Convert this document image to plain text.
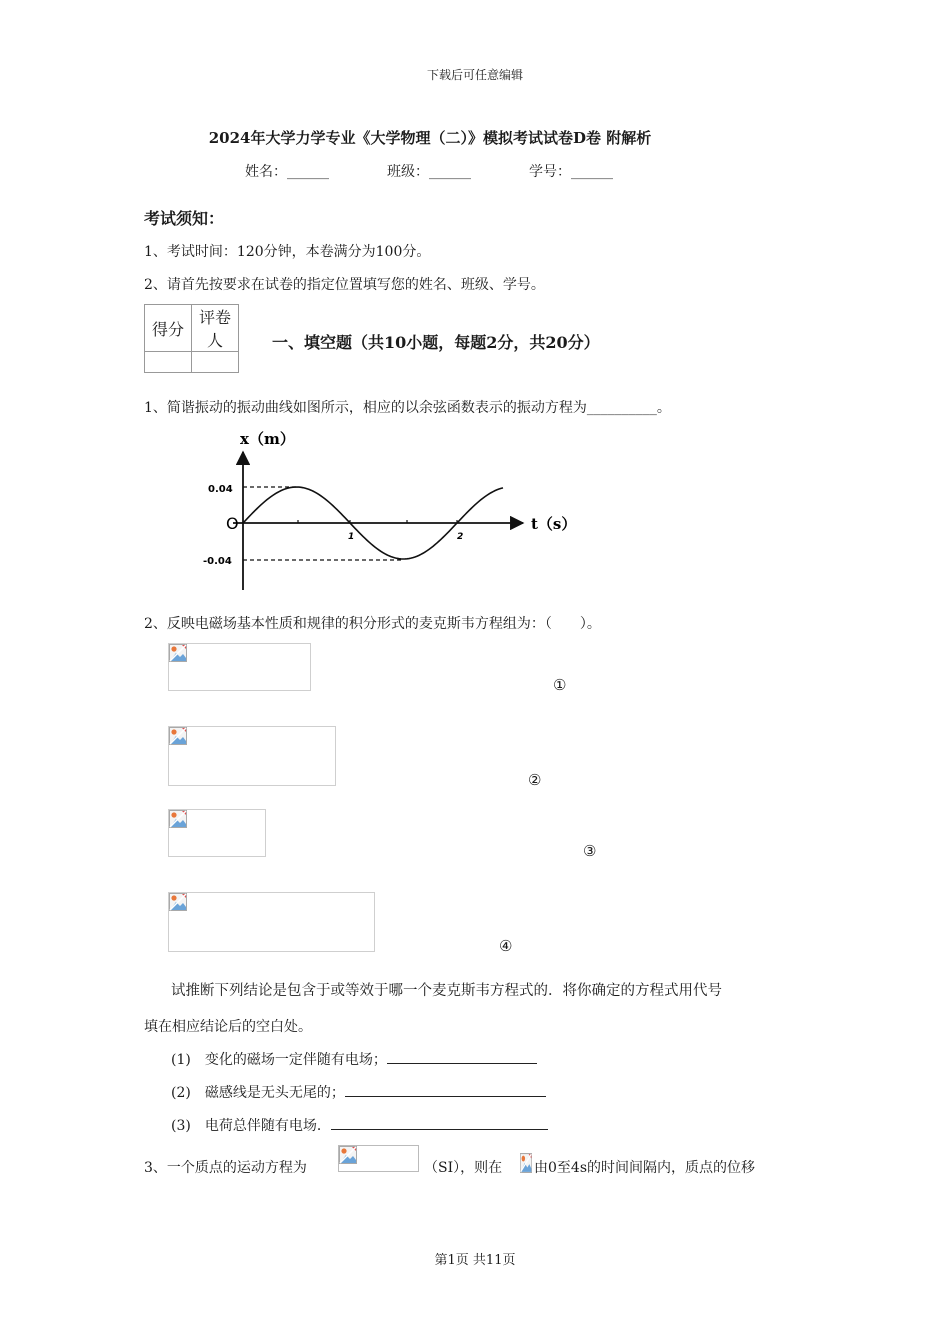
下载后可任意编辑
2024年大学力学专业《大学物理（二）》模拟考试试卷D卷 附解析
姓名：______	班级：______	学号：______
考试须知：
1、考试时间：120分钟，本卷满分为100分。
2、请首先按要求在试卷的指定位置填写您的姓名、班级、学号。
得分	评卷人
		一、填空题（共10小题，每题2分，共20分）
1、简谐振动的振动曲线如图所示，相应的以余弦函数表示的振动方程为__________。
x（m）
t（s）
O
0.04
-0.04
1	2
2、反映电磁场基本性质和规律的积分形式的麦克斯韦方程组为：（　　）。
①
②
③
④
试推断下列结论是包含于或等效于哪一个麦克斯韦方程式的．将你确定的方程式用代号
填在相应结论后的空白处。
(1)　变化的磁场一定伴随有电场；
(2)　磁感线是无头无尾的；
(3)　电荷总伴随有电场．
3、一个质点的运动方程为	（SI），则在 由0至4s的时间间隔内，质点的位移
第1页 共11页
